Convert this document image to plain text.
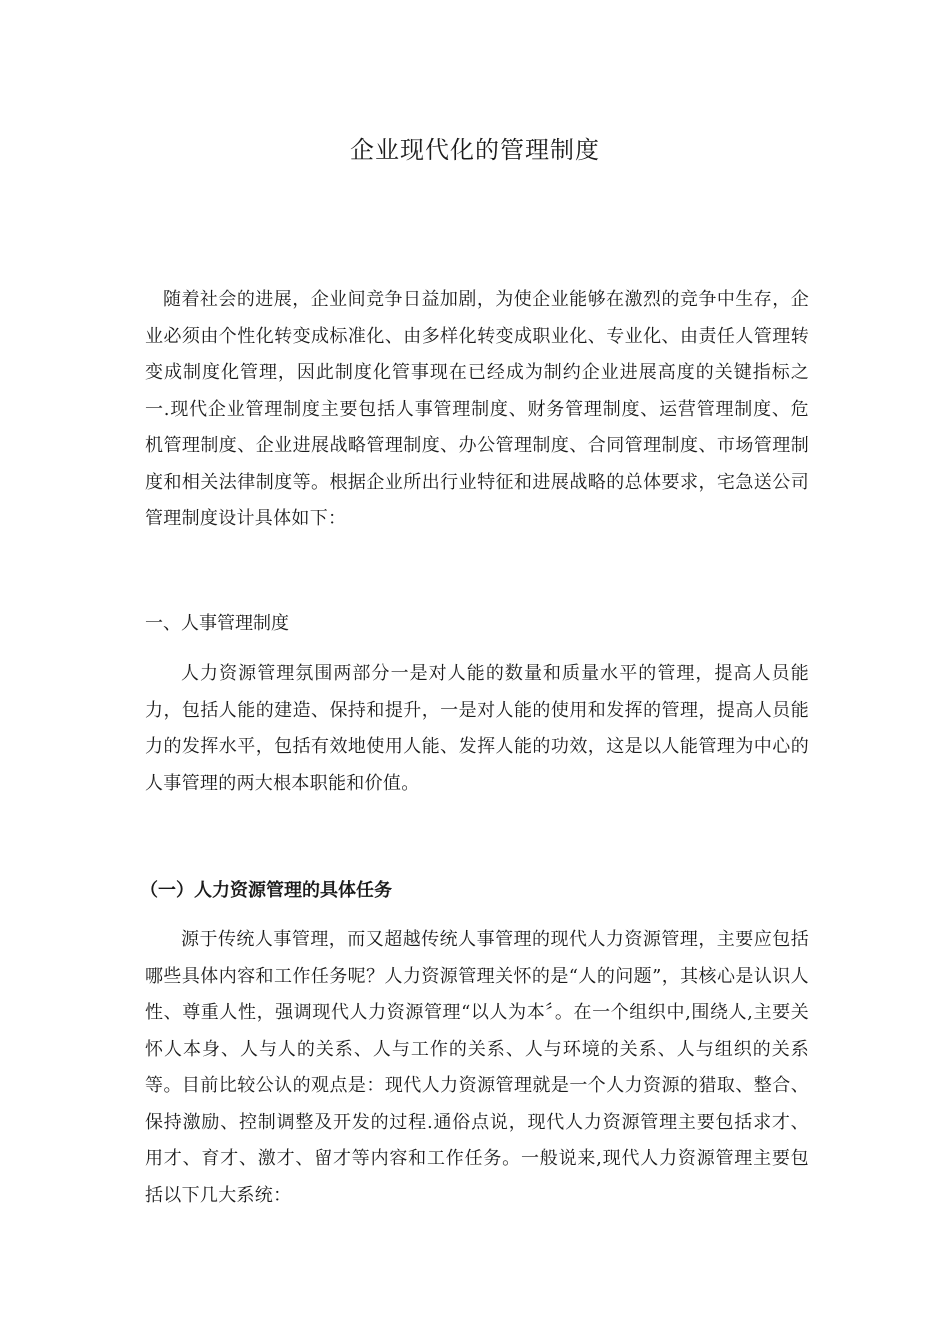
企业现代化的管理制度

随着社会的进展，企业间竞争日益加剧，为使企业能够在激烈的竞争中生存，企业必须由个性化转变成标准化、由多样化转变成职业化、专业化、由责任人管理转变成制度化管理，因此制度化管事现在已经成为制约企业进展高度的关键指标之一.现代企业管理制度主要包括人事管理制度、财务管理制度、运营管理制度、危机管理制度、企业进展战略管理制度、办公管理制度、合同管理制度、市场管理制度和相关法律制度等。根据企业所出行业特征和进展战略的总体要求，宅急送公司管理制度设计具体如下：

一、人事管理制度

人力资源管理氛围两部分一是对人能的数量和质量水平的管理，提高人员能力，包括人能的建造、保持和提升，一是对人能的使用和发挥的管理，提高人员能力的发挥水平，包括有效地使用人能、发挥人能的功效，这是以人能管理为中心的人事管理的两大根本职能和价值。

（一）人力资源管理的具体任务

源于传统人事管理，而又超越传统人事管理的现代人力资源管理，主要应包括哪些具体内容和工作任务呢？人力资源管理关怀的是“人的问题”，其核心是认识人性、尊重人性，强调现代人力资源管理“以人为本〞。在一个组织中,围绕人,主要关怀人本身、人与人的关系、人与工作的关系、人与环境的关系、人与组织的关系等。目前比较公认的观点是：现代人力资源管理就是一个人力资源的猎取、整合、保持激励、控制调整及开发的过程.通俗点说，现代人力资源管理主要包括求才、用才、育才、激才、留才等内容和工作任务。一般说来,现代人力资源管理主要包括以下几大系统：
